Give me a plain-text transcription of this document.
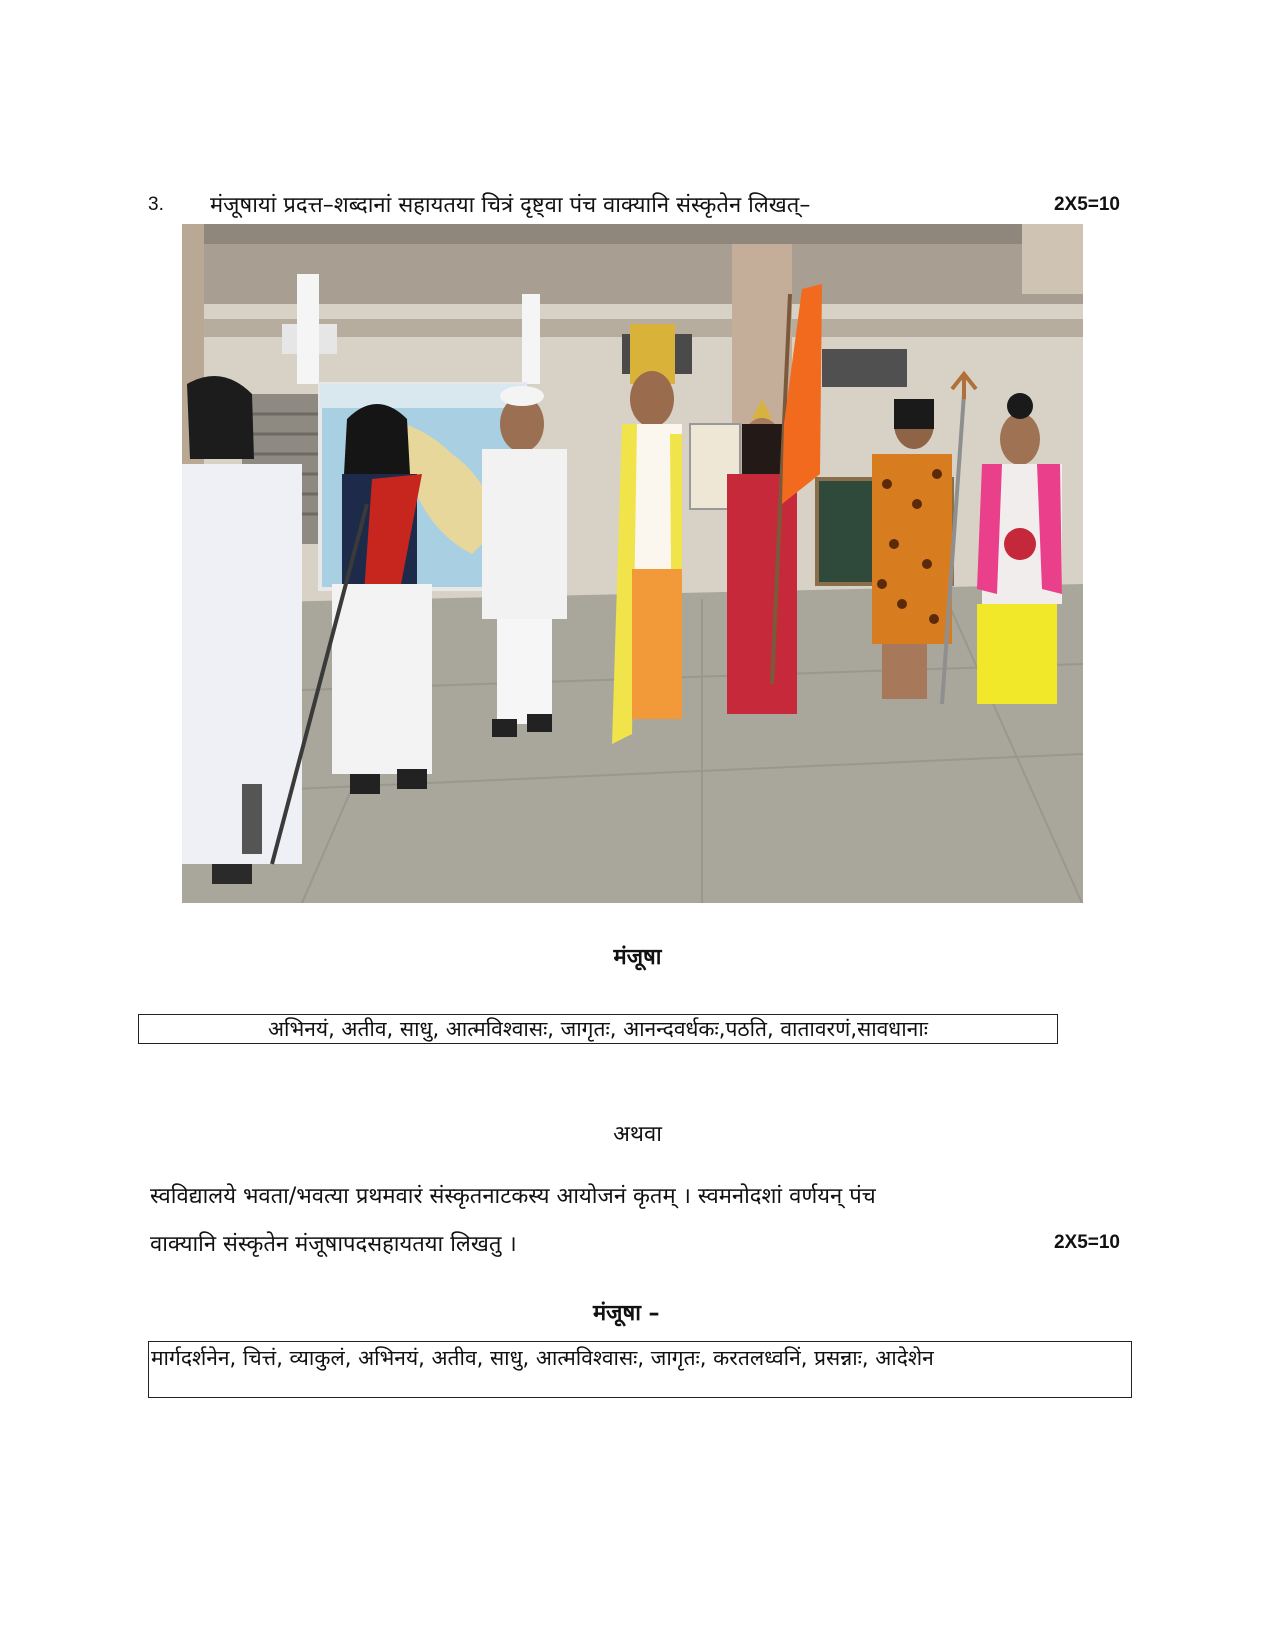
3. मंजूषायां प्रदत्त–शब्दानां सहायतया चित्रं दृष्ट्वा पंच वाक्यानि संस्कृतेन लिखत्–	2X5=10
मंजूषा
अभिनयं, अतीव, साधु, आत्मविश्वासः, जागृतः, आनन्दवर्धकः,पठति, वातावरणं,सावधानाः
अथवा
स्वविद्यालये भवता/भवत्या प्रथमवारं संस्कृतनाटकस्य आयोजनं कृतम् । स्वमनोदशां वर्णयन् पंच
वाक्यानि संस्कृतेन मंजूषापदसहायतया लिखतु ।	2X5=10
मंजूषा –
मार्गदर्शनेन, चित्तं, व्याकुलं, अभिनयं, अतीव, साधु, आत्मविश्वासः, जागृतः, करतलध्वनिं, प्रसन्नाः, आदेशेन
